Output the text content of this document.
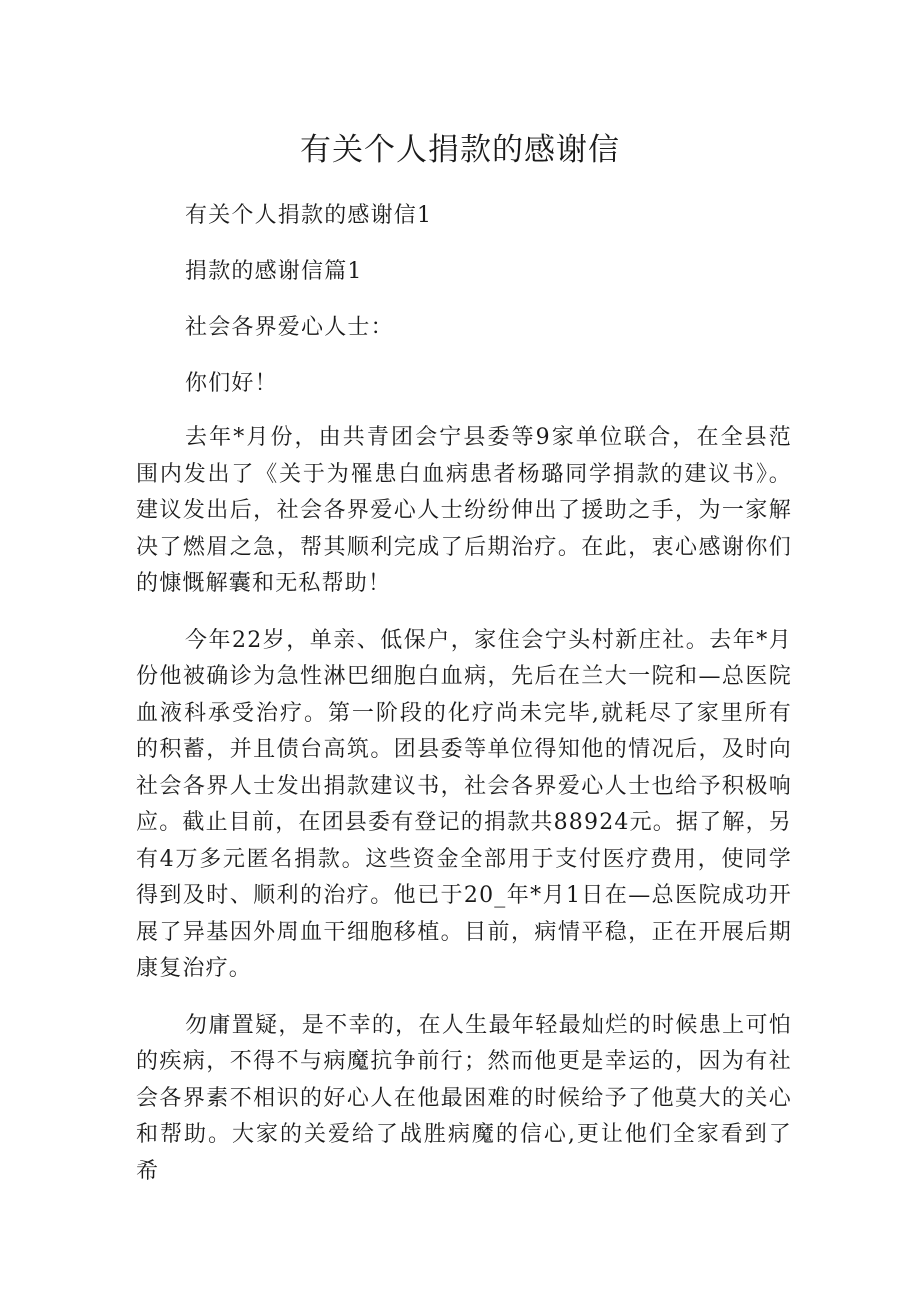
有关个人捐款的感谢信

有关个人捐款的感谢信1

捐款的感谢信篇1

社会各界爱心人士：

你们好！

去年*月份，由共青团会宁县委等9家单位联合，在全县范围内发出了《关于为罹患白血病患者杨璐同学捐款的建议书》。建议发出后，社会各界爱心人士纷纷伸出了援助之手，为一家解决了燃眉之急，帮其顺利完成了后期治疗。在此，衷心感谢你们的慷慨解囊和无私帮助！

今年22岁，单亲、低保户，家住会宁头村新庄社。去年*月份他被确诊为急性淋巴细胞白血病，先后在兰大一院和—总医院血液科承受治疗。第一阶段的化疗尚未完毕,就耗尽了家里所有的积蓄，并且债台高筑。团县委等单位得知他的情况后，及时向社会各界人士发出捐款建议书，社会各界爱心人士也给予积极响应。截止目前，在团县委有登记的捐款共88924元。据了解，另有4万多元匿名捐款。这些资金全部用于支付医疗费用，使同学得到及时、顺利的治疗。他已于20_年*月1日在—总医院成功开展了异基因外周血干细胞移植。目前，病情平稳，正在开展后期康复治疗。

勿庸置疑，是不幸的，在人生最年轻最灿烂的时候患上可怕的疾病，不得不与病魔抗争前行；然而他更是幸运的，因为有社会各界素不相识的好心人在他最困难的时候给予了他莫大的关心和帮助。大家的关爱给了战胜病魔的信心,更让他们全家看到了希
